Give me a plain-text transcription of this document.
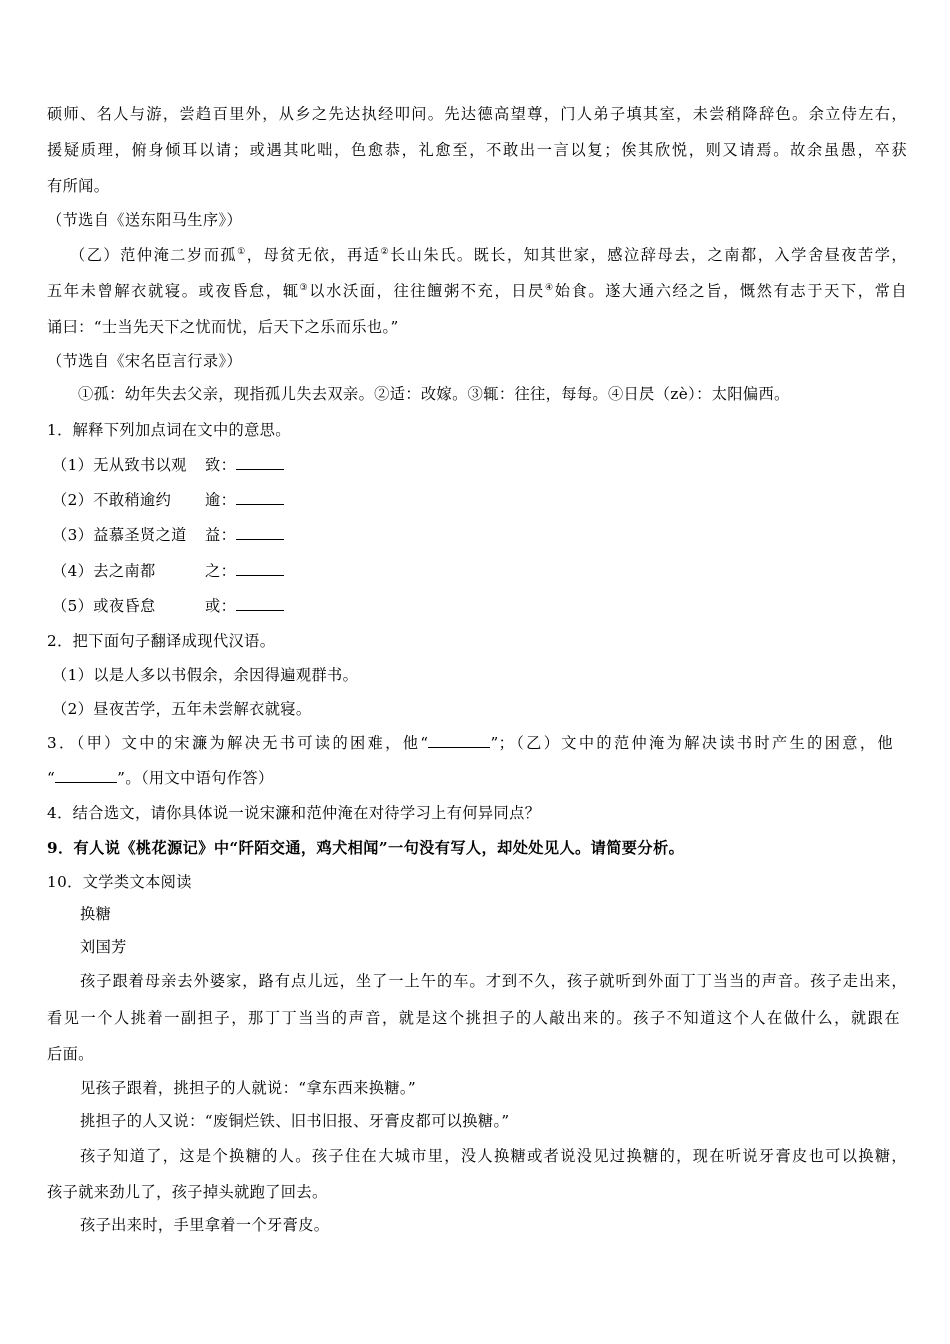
硕师、名人与游，尝趋百里外，从乡之先达执经叩问。先达德高望尊，门人弟子填其室，未尝稍降辞色。余立侍左右，
援疑质理，俯身倾耳以请；或遇其叱咄，色愈恭，礼愈至，不敢出一言以复；俟其欣悦，则又请焉。故余虽愚，卒获
有所闻。
（节选自《送东阳马生序》）
（乙）范仲淹二岁而孤①，母贫无依，再适②长山朱氏。既长，知其世家，感泣辞母去，之南都，入学舍昼夜苦学，
五年未曾解衣就寝。或夜昏怠，辄③以水沃面，往往饘粥不充，日昃④始食。遂大通六经之旨，慨然有志于天下，常自
诵曰：“士当先天下之忧而忧，后天下之乐而乐也。”
（节选自《宋名臣言行录》）
①孤：幼年失去父亲，现指孤儿失去双亲。②适：改嫁。③辄：往往，每每。④日昃（zè）：太阳偏西。
1．解释下列加点词在文中的意思。
（1）无从致书以观 致：
（2）不敢稍逾约 逾：
（3）益慕圣贤之道 益：
（4）去之南都	之：
（5）或夜昏怠	或：
2．把下面句子翻译成现代汉语。
（1）以是人多以书假余，余因得遍观群书。
（2）昼夜苦学，五年未尝解衣就寝。
3．（甲）文中的宋濂为解决无书可读的困难，他“	”；（乙）文中的范仲淹为解决读书时产生的困意，他
“	”。（用文中语句作答）
4．结合选文，请你具体说一说宋濂和范仲淹在对待学习上有何异同点？
9．有人说《桃花源记》中“阡陌交通，鸡犬相闻”一句没有写人，却处处见人。请简要分析。
10．文学类文本阅读
换糖
刘国芳
孩子跟着母亲去外婆家，路有点儿远，坐了一上午的车。才到不久，孩子就听到外面丁丁当当的声音。孩子走出来，
看见一个人挑着一副担子，那丁丁当当的声音，就是这个挑担子的人敲出来的。孩子不知道这个人在做什么，就跟在
后面。
见孩子跟着，挑担子的人就说：“拿东西来换糖。”
挑担子的人又说：“废铜烂铁、旧书旧报、牙膏皮都可以换糖。”
孩子知道了，这是个换糖的人。孩子住在大城市里，没人换糖或者说没见过换糖的，现在听说牙膏皮也可以换糖，
孩子就来劲儿了，孩子掉头就跑了回去。
孩子出来时，手里拿着一个牙膏皮。
